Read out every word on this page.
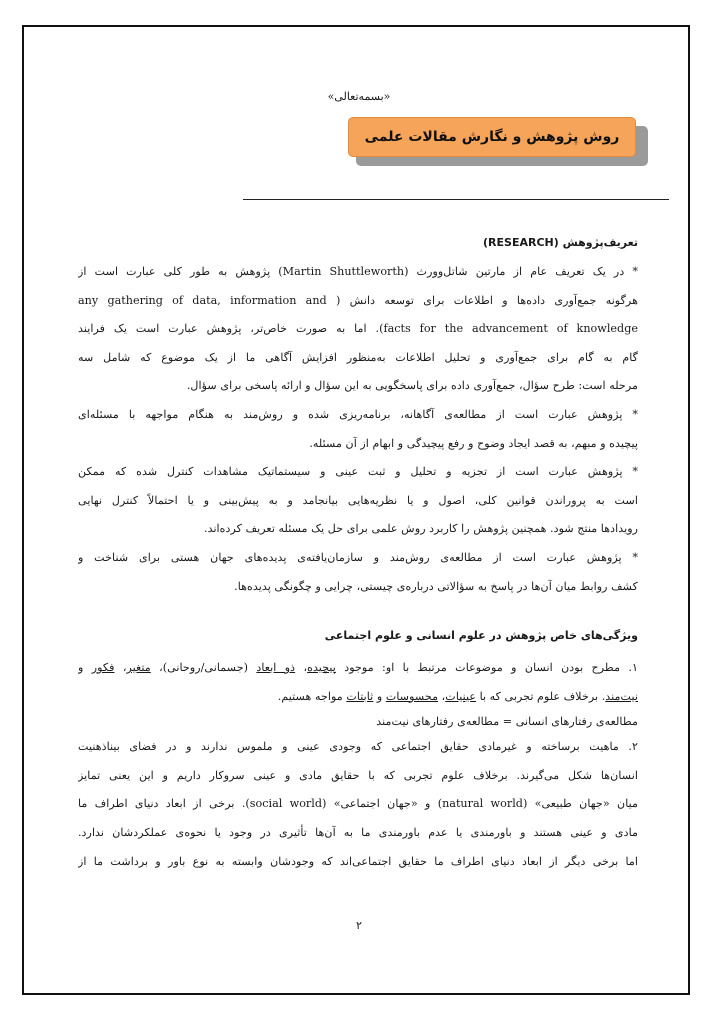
«بسمه‌تعالی»
روش پژوهش و نگارش مقالات علمی
تعریف‌پژوهش (RESEARCH)
* در یک تعریف عام از مارتین شاتل‌وورث (Martin Shuttleworth) پژوهش به طور کلی عبارت است از
هرگونه جمع‌آوری داده‌ها و اطلاعات برای توسعه دانش ( any gathering of data, information and
facts for the advancement of knowledge). اما به صورت خاص‌تر، پژوهش عبارت است یک فرایند
گام به گام برای جمع‌آوری و تحلیل اطلاعات به‌منظور افزایش آگاهی ما از یک موضوع که شامل سه
مرحله است: طرح سؤال، جمع‌آوری داده برای پاسخگویی به این سؤال و ارائه پاسخی برای سؤال.
* پژوهش عبارت است از مطالعه‌ی آگاهانه، برنامه‌ریزی شده و روش‌مند به هنگام مواجهه با مسئله‌ای
پیچیده و مبهم، به قصد ایجاد وضوح و رفع پیچیدگی و ابهام از آن مسئله.
* پژوهش عبارت است از تجزیه و تحلیل و ثبت عینی و سیستماتیک مشاهدات کنترل شده که ممکن
است به پروراندن قوانین کلی، اصول و یا نظریه‌هایی بیانجامد و به پیش‌بینی و یا احتمالاً کنترل نهایی
رویدادها منتج شود. همچنین پژوهش را کاربرد روش علمی برای حل یک مسئله تعریف کرده‌اند.
* پژوهش عبارت است از مطالعه‌ی روش‌مند و سازمان‌یافته‌ی پدیده‌های جهان هستی برای شناخت و
کشف روابط میان آن‌ها در پاسخ به سؤالاتی درباره‌ی چیستی، چرایی و چگونگی پدیده‌ها.
ویژگی‌های خاص پژوهش در علوم انسانی و علوم اجتماعی
۱. مطرح بودن انسان و موضوعات مرتبط با او: موجود پیچیده، ذو ابعاد (جسمانی/روحانی)، متغیر، فکور و
نیت‌مند. برخلاف علوم تجربی که با عینیات، محسوسات و ثابتات مواجه هستیم.
مطالعه‌ی رفتارهای انسانی = مطالعه‌ی رفتارهای نیت‌مند
۲. ماهیت برساخته و غیرمادی حقایق اجتماعی که وجودی عینی و ملموس ندارند و در فضای بیناذهنیت
انسان‌ها شکل می‌گیرند. برخلاف علوم تجربی که با حقایق مادی و عینی سروکار داریم و این یعنی تمایز
میان «جهان طبیعی» (natural world) و «جهان اجتماعی» (social world). برخی از ابعاد دنیای اطراف ما
مادی و عینی هستند و باورمندی یا عدم باورمندی ما به آن‌ها تأثیری در وجود یا نحوه‌ی عملکردشان ندارد.
اما برخی دیگر از ابعاد دنیای اطراف ما حقایق اجتماعی‌اند که وجودشان وابسته به نوع باور و برداشت ما از
۲
